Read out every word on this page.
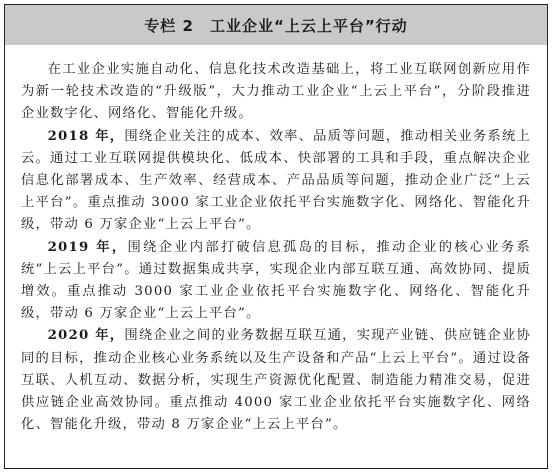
专栏 2 工业企业“上云上平台”行动

在工业企业实施自动化、信息化技术改造基础上，将工业互联网创新应用作为新一轮技术改造的“升级版”，大力推动工业企业“上云上平台”，分阶段推进企业数字化、网络化、智能化升级。

2018 年，围绕企业关注的成本、效率、品质等问题，推动相关业务系统上云。通过工业互联网提供模块化、低成本、快部署的工具和手段，重点解决企业信息化部署成本、生产效率、经营成本、产品品质等问题，推动企业广泛“上云上平台”。重点推动 3000 家工业企业依托平台实施数字化、网络化、智能化升级，带动 6 万家企业“上云上平台”。

2019 年，围绕企业内部打破信息孤岛的目标，推动企业的核心业务系统“上云上平台”。通过数据集成共享，实现企业内部互联互通、高效协同、提质增效。重点推动 3000 家工业企业依托平台实施数字化、网络化、智能化升级，带动 6 万家企业“上云上平台”。

2020 年，围绕企业之间的业务数据互联互通，实现产业链、供应链企业协同的目标，推动企业核心业务系统以及生产设备和产品“上云上平台”。通过设备互联、人机互动、数据分析，实现生产资源优化配置、制造能力精准交易，促进供应链企业高效协同。重点推动 4000 家工业企业依托平台实施数字化、网络化、智能化升级，带动 8 万家企业“上云上平台”。
